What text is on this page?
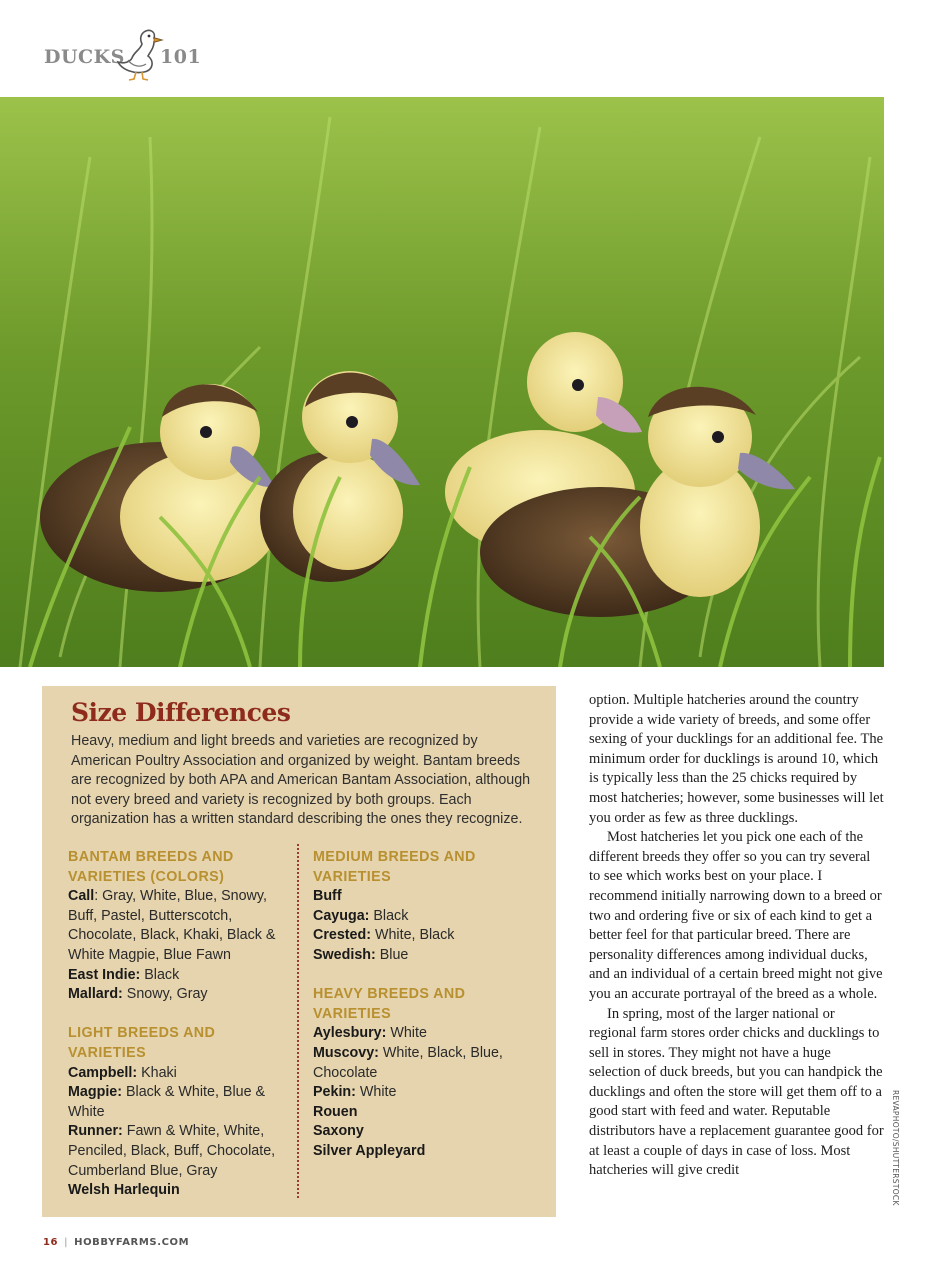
DUCKS 101
Size Differences

Heavy, medium and light breeds and varieties are recognized by American Poultry Association and organized by weight. Bantam breeds are recognized by both APA and American Bantam Association, although not every breed and variety is recognized by both groups. Each organization has a written standard describing the ones they recognize.

BANTAM BREEDS AND VARIETIES (COLORS)

Call: Gray, White, Blue, Snowy, Buff, Pastel, Butterscotch, Chocolate, Black, Khaki, Black & White Magpie, Blue Fawn

East Indie: Black

Mallard: Snowy, Gray

LIGHT BREEDS AND VARIETIES

Campbell: Khaki

Magpie: Black & White, Blue & White

Runner: Fawn & White, White, Penciled, Black, Buff, Chocolate, Cumberland Blue, Gray

Welsh Harlequin

MEDIUM BREEDS AND VARIETIES

Buff

Cayuga: Black

Crested: White, Black

Swedish: Blue

HEAVY BREEDS AND VARIETIES

Aylesbury: White

Muscovy: White, Black, Blue, Chocolate

Pekin: White

Rouen

Saxony

Silver Appleyard

option. Multiple hatcheries around the country provide a wide variety of breeds, and some offer sexing of your ducklings for an additional fee. The minimum order for ducklings is around 10, which is typically less than the 25 chicks required by most hatcheries; however, some businesses will let you order as few as three ducklings.

Most hatcheries let you pick one each of the different breeds they offer so you can try several to see which works best on your place. I recommend initially narrowing down to a breed or two and ordering five or six of each kind to get a better feel for that particular breed. There are personality differences among individual ducks, and an individual of a certain breed might not give you an accurate portrayal of the breed as a whole.

In spring, most of the larger national or regional farm stores order chicks and ducklings to sell in stores. They might not have a huge selection of duck breeds, but you can handpick the ducklings and often the store will get them off to a good start with feed and water. Reputable distributors have a replacement guarantee good for at least a couple of days in case of loss. Most hatcheries will give credit	REVAPHOTO/SHUTTERSTOCK
16 | HOBBYFARMS.COM
